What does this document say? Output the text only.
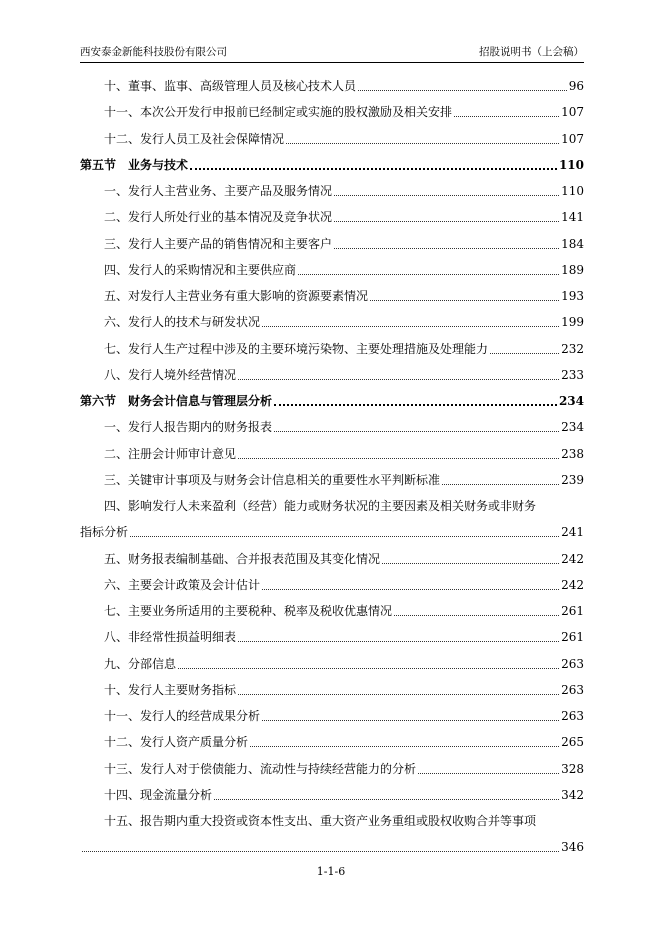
西安泰金新能科技股份有限公司	招股说明书（上会稿）
十、董事、监事、高级管理人员及核心技术人员	96
十一、本次公开发行申报前已经制定或实施的股权激励及相关安排	107
十二、发行人员工及社会保障情况	107
第五节　业务与技术	110
一、发行人主营业务、主要产品及服务情况	110
二、发行人所处行业的基本情况及竞争状况	141
三、发行人主要产品的销售情况和主要客户	184
四、发行人的采购情况和主要供应商	189
五、对发行人主营业务有重大影响的资源要素情况	193
六、发行人的技术与研发状况	199
七、发行人生产过程中涉及的主要环境污染物、主要处理措施及处理能力	232
八、发行人境外经营情况	233
第六节　财务会计信息与管理层分析	234
一、发行人报告期内的财务报表	234
二、注册会计师审计意见	238
三、关键审计事项及与财务会计信息相关的重要性水平判断标准	239
四、影响发行人未来盈利（经营）能力或财务状况的主要因素及相关财务或非财务
指标分析	241
五、财务报表编制基础、合并报表范围及其变化情况	242
六、主要会计政策及会计估计	242
七、主要业务所适用的主要税种、税率及税收优惠情况	261
八、非经常性损益明细表	261
九、分部信息	263
十、发行人主要财务指标	263
十一、发行人的经营成果分析	263
十二、发行人资产质量分析	265
十三、发行人对于偿债能力、流动性与持续经营能力的分析	328
十四、现金流量分析	342
十五、报告期内重大投资或资本性支出、重大资产业务重组或股权收购合并等事项
346
1-1-6
